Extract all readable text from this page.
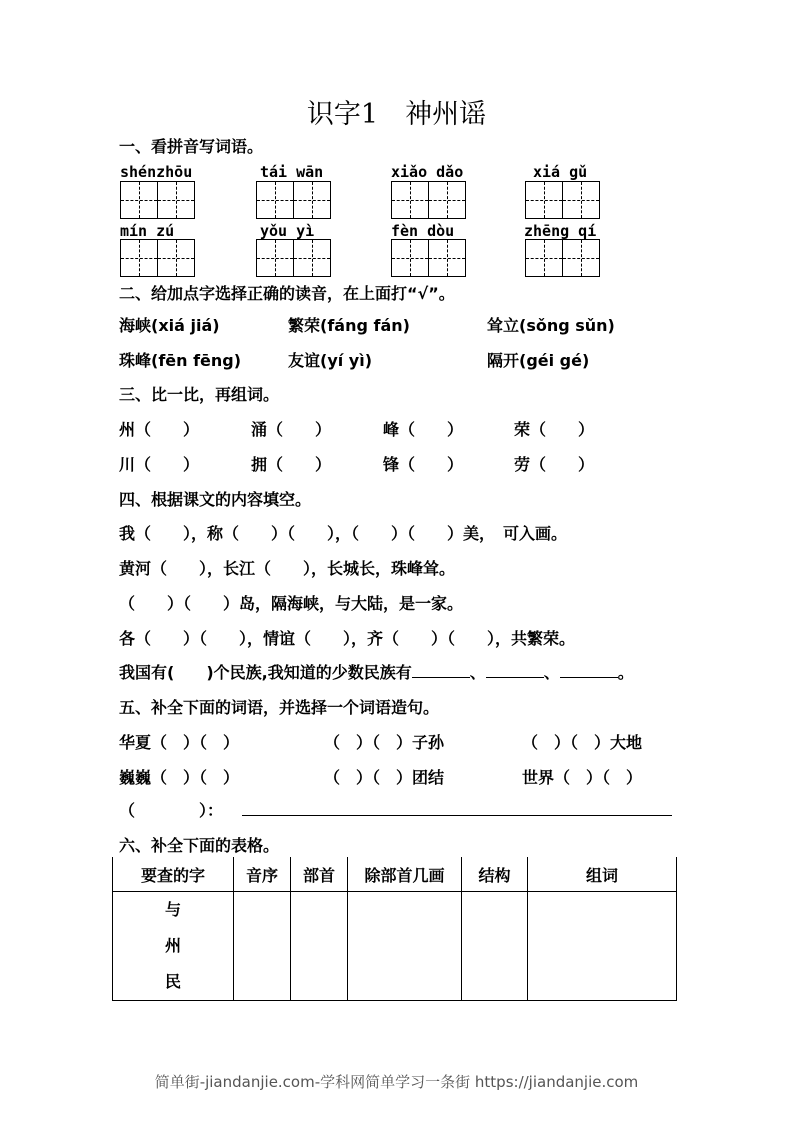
识字1　神州谣
一、看拼音写词语。
shénzhōu	tái wān	xiǎo dǎo	xiá gǔ
mín zú	yǒu yì	fèn dòu	zhēng qí
二、给加点字选择正确的读音，在上面打“√”。
海峡(xiá jiá)	繁荣(fáng fán)	耸立(sǒng sǔn)
珠峰(fēn fēng)	友谊(yí yì)	隔开(géi gé)
三、比一比，再组词。
州（　　）	涌（　　）	峰（　　）	荣（　　）
川（　　）	拥（　　）	锋（　　）	劳（　　）
四、根据课文的内容填空。
我（　　），称（　　）（　　），（　　）（　　）美，　可入画。
黄河（　　），长江（　　），长城长，珠峰耸。
（　　）（　　）岛，隔海峡，与大陆，是一家。
各（　　）（　　），情谊（　　），齐（　　）（　　），共繁荣。
我国有(　　)个民族,我知道的少数民族有	、	、	。
五、补全下面的词语，并选择一个词语造句。
华夏（　）（　）	（　）（　）子孙	（　）（　）大地
巍巍（　）（　）	（　）（　）团结	世界（　）（　）
（　　　　）：
六、补全下面的表格。
要查的字	音序	部首	除部首几画	结构	组词

与
州
民					

简单街-jiandanjie.com-学科网简单学习一条街 https://jiandanjie.com
